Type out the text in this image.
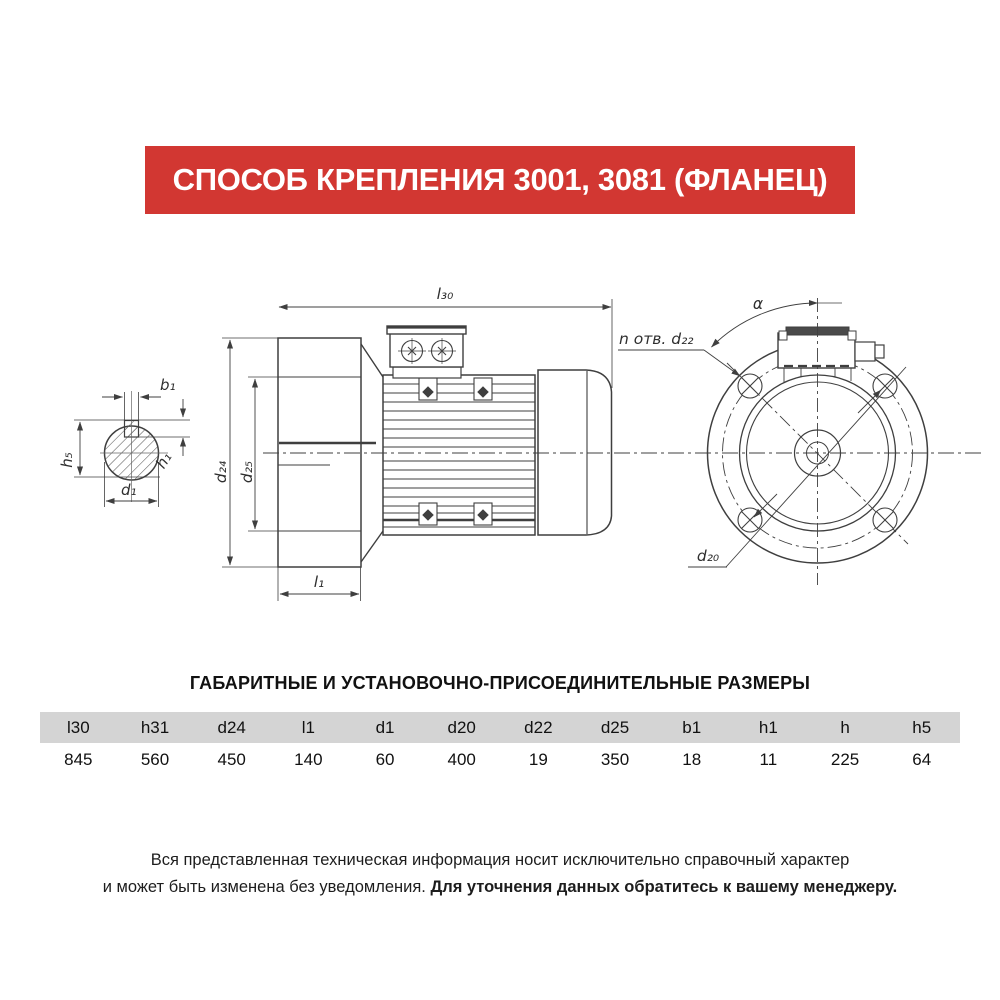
СПОСОБ КРЕПЛЕНИЯ 3001, 3081 (ФЛАНЕЦ)
b₁
h₅	h₁
d₁
l₃₀
d₂₄ d₂₅
l₁
α
n отв. d₂₂
d₂₀
ГАБАРИТНЫЕ И УСТАНОВОЧНО-ПРИСОЕДИНИТЕЛЬНЫЕ РАЗМЕРЫ
l30	h31	d24	l1	d1	d20	d22	d25	b1	h1	h	h5
845	560	450	140	60	400	19	350	18	11	225	64
Вся представленная техническая информация носит исключительно справочный характер
и может быть изменена без уведомления. Для уточнения данных обратитесь к вашему менеджеру.
